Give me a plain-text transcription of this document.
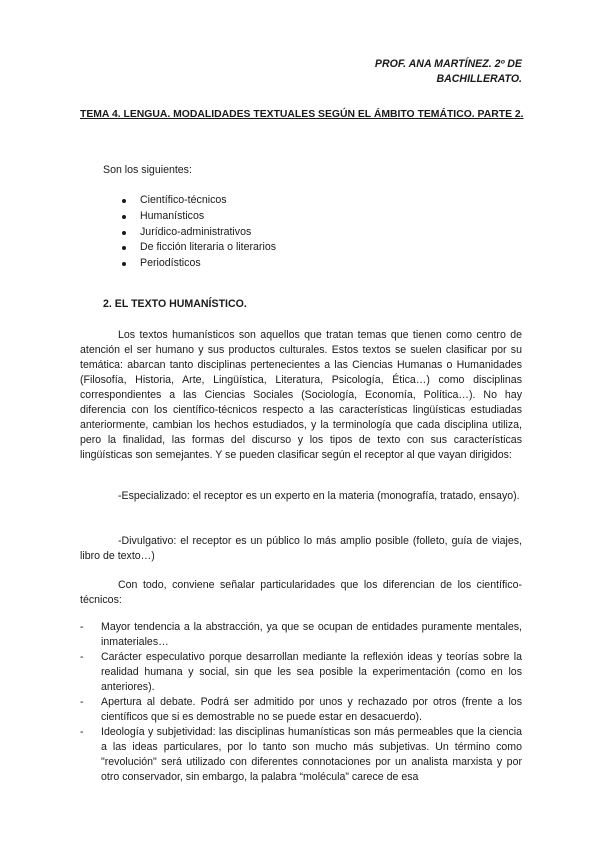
PROF. ANA MARTÍNEZ. 2º DE BACHILLERATO.
TEMA 4. LENGUA. MODALIDADES TEXTUALES SEGÚN EL ÁMBITO TEMÁTICO. PARTE 2.
Son los siguientes:
Científico-técnicos
Humanísticos
Jurídico-administrativos
De ficción literaria o literarios
Periodísticos
2. EL TEXTO HUMANÍSTICO.

Los textos humanísticos son aquellos que tratan temas que tienen como centro de atención el ser humano y sus productos culturales. Estos textos se suelen clasificar por su temática: abarcan tanto disciplinas pertenecientes a las Ciencias Humanas o Humanidades (Filosofía, Historia, Arte, Lingüística, Literatura, Psicología, Ética…) como disciplinas correspondientes a las Ciencias Sociales (Sociología, Economía, Política…). No hay diferencia con los científico-técnicos respecto a las características lingüísticas estudiadas anteriormente, cambian los hechos estudiados, y la terminología que cada disciplina utiliza, pero la finalidad, las formas del discurso y los tipos de texto con sus características lingüísticas son semejantes. Y se pueden clasificar según el receptor al que vayan dirigidos:

-Especializado: el receptor es un experto en la materia (monografía, tratado, ensayo).

-Divulgativo: el receptor es un público lo más amplio posible (folleto, guía de viajes, libro de texto…)

Con todo, conviene señalar particularidades que los diferencian de los científico-técnicos:

-	Mayor tendencia a la abstracción, ya que se ocupan de entidades puramente mentales, inmateriales…
-	Carácter especulativo porque desarrollan mediante la reflexión ideas y teorías sobre la realidad humana y social, sin que les sea posible la experimentación (como en los anteriores).
-	Apertura al debate. Podrá ser admitido por unos y rechazado por otros (frente a los científicos que si es demostrable no se puede estar en desacuerdo).
-	Ideología y subjetividad: las disciplinas humanísticas son más permeables que la ciencia a las ideas particulares, por lo tanto son mucho más subjetivas. Un término como "revolución" será utilizado con diferentes connotaciones por un analista marxista y por otro conservador, sin embargo, la palabra “molécula” carece de esa
